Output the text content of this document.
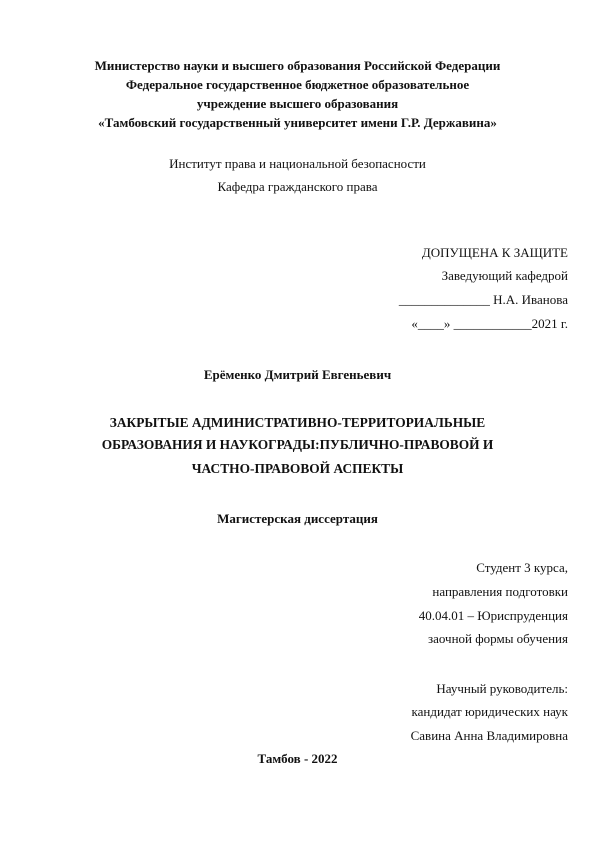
Министерство науки и высшего образования Российской Федерации
Федеральное государственное бюджетное образовательное
учреждение высшего образования
«Тамбовский государственный университет имени Г.Р. Державина»
Институт права и национальной безопасности
Кафедра гражданского права
ДОПУЩЕНА К ЗАЩИТЕ
Заведующий кафедрой
______________ Н.А. Иванова
«____» ____________2021 г.
Ерёменко Дмитрий Евгеньевич
ЗАКРЫТЫЕ АДМИНИСТРАТИВНО-ТЕРРИТОРИАЛЬНЫЕ
ОБРАЗОВАНИЯ И НАУКОГРАДЫ:ПУБЛИЧНО-ПРАВОВОЙ И
ЧАСТНО-ПРАВОВОЙ АСПЕКТЫ
Магистерская диссертация
Студент 3 курса,
направления подготовки
40.04.01 – Юриспруденция
заочной формы обучения
Научный руководитель:
кандидат юридических наук
Савина Анна Владимировна
Тамбов - 2022
